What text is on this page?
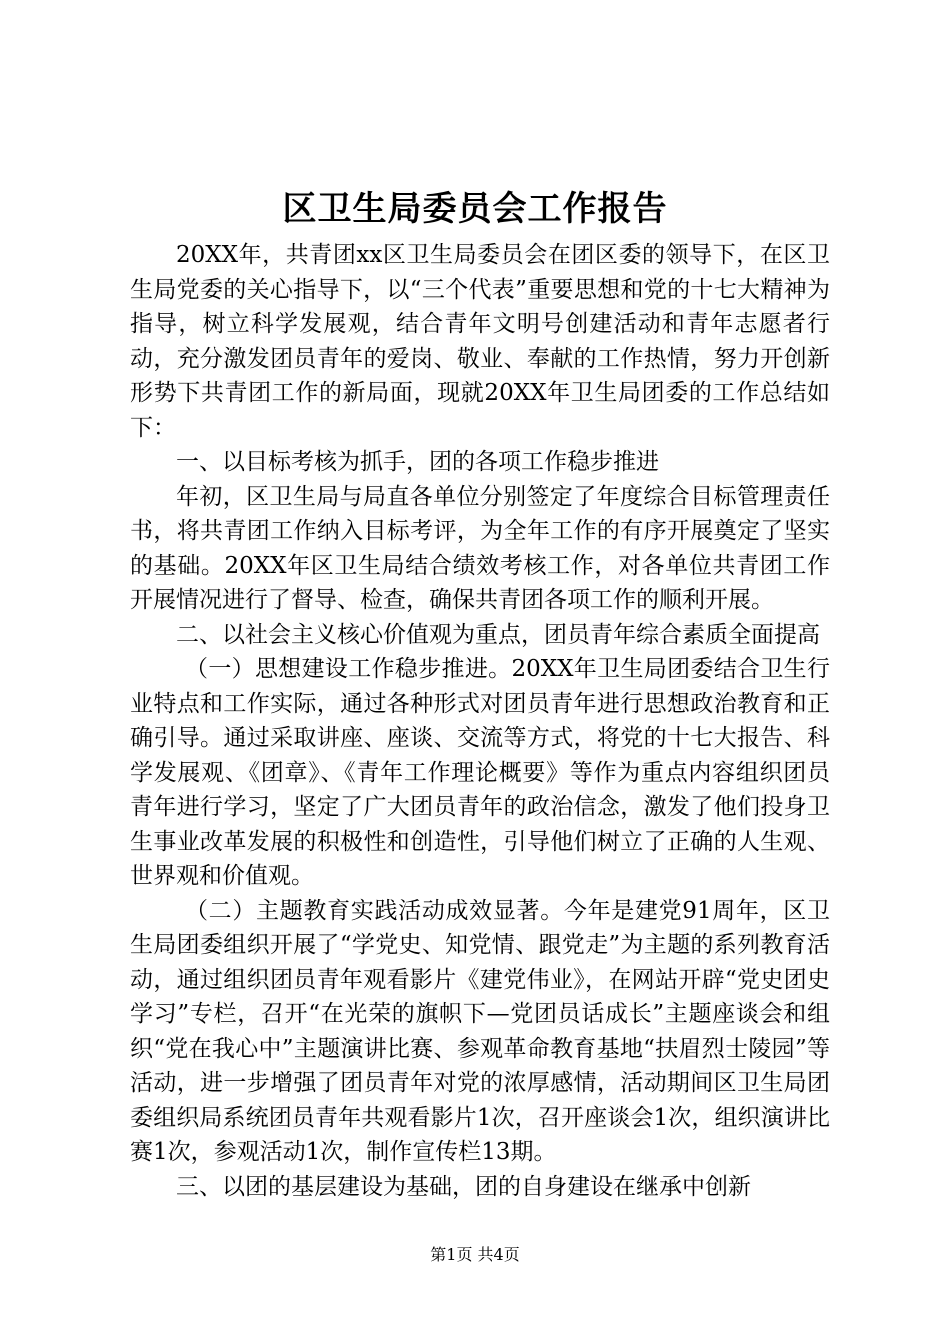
区卫生局委员会工作报告

20XX年，共青团xx区卫生局委员会在团区委的领导下，在区卫生局党委的关心指导下，以“三个代表”重要思想和党的十七大精神为指导，树立科学发展观，结合青年文明号创建活动和青年志愿者行动，充分激发团员青年的爱岗、敬业、奉献的工作热情，努力开创新形势下共青团工作的新局面，现就20XX年卫生局团委的工作总结如下：

一、以目标考核为抓手，团的各项工作稳步推进

年初，区卫生局与局直各单位分别签定了年度综合目标管理责任书，将共青团工作纳入目标考评，为全年工作的有序开展奠定了坚实的基础。20XX年区卫生局结合绩效考核工作，对各单位共青团工作开展情况进行了督导、检查，确保共青团各项工作的顺利开展。

二、以社会主义核心价值观为重点，团员青年综合素质全面提高

（一）思想建设工作稳步推进。20XX年卫生局团委结合卫生行业特点和工作实际，通过各种形式对团员青年进行思想政治教育和正确引导。通过采取讲座、座谈、交流等方式，将党的十七大报告、科学发展观、《团章》、《青年工作理论概要》等作为重点内容组织团员青年进行学习，坚定了广大团员青年的政治信念，激发了他们投身卫生事业改革发展的积极性和创造性，引导他们树立了正确的人生观、世界观和价值观。

（二）主题教育实践活动成效显著。今年是建党91周年，区卫生局团委组织开展了“学党史、知党情、跟党走”为主题的系列教育活动，通过组织团员青年观看影片《建党伟业》，在网站开辟“党史团史学习”专栏，召开“在光荣的旗帜下—党团员话成长”主题座谈会和组织“党在我心中”主题演讲比赛、参观革命教育基地“扶眉烈士陵园”等活动，进一步增强了团员青年对党的浓厚感情，活动期间区卫生局团委组织局系统团员青年共观看影片1次，召开座谈会1次，组织演讲比赛1次，参观活动1次，制作宣传栏13期。

三、以团的基层建设为基础，团的自身建设在继承中创新

第1页 共4页
